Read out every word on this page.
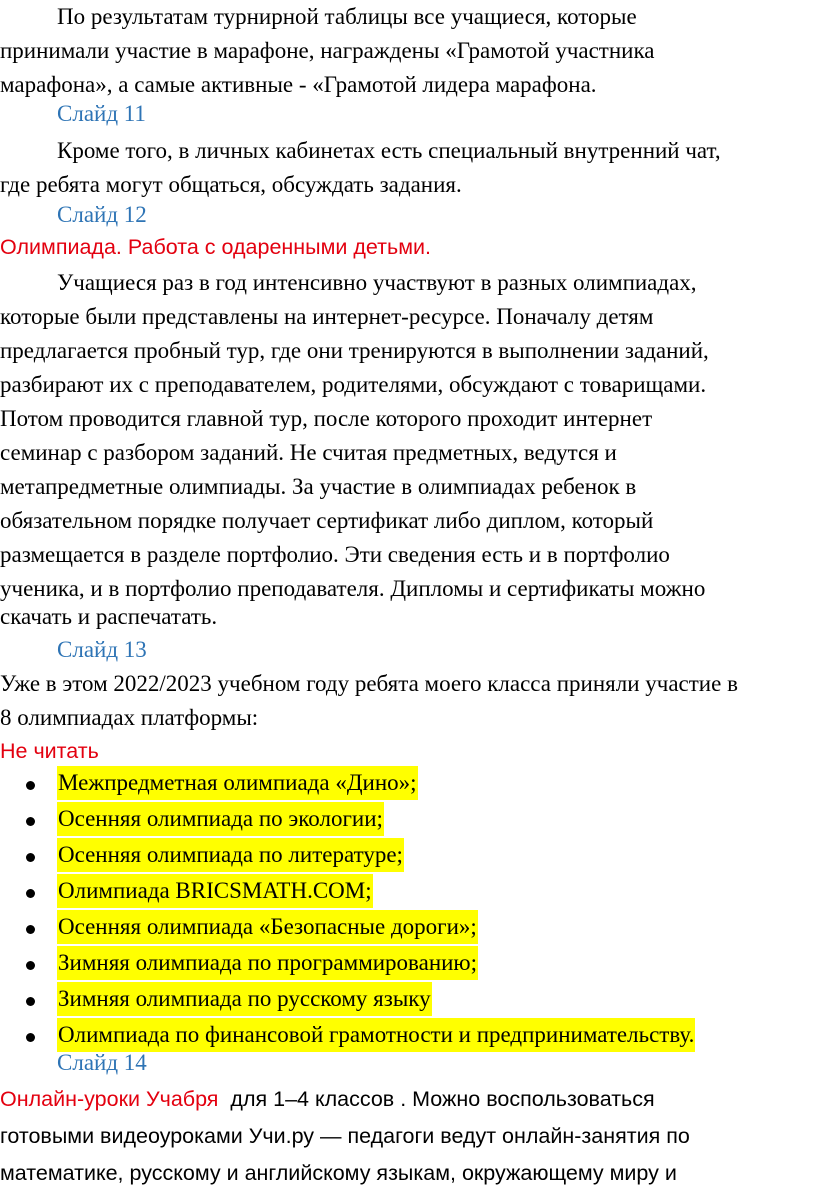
По результатам турнирной таблицы все учащиеся, которые

принимали участие в марафоне, награждены «Грамотой участника

марафона», а самые активные - «Грамотой лидера марафона.

Слайд 11

Кроме того, в личных кабинетах есть специальный внутренний чат,

где ребята могут общаться, обсуждать задания.

Слайд 12

Олимпиада. Работа с одаренными детьми.

Учащиеся раз в год интенсивно участвуют в разных олимпиадах,

которые были представлены на интернет-ресурсе. Поначалу детям

предлагается пробный тур, где они тренируются в выполнении заданий,

разбирают их с преподавателем, родителями, обсуждают с товарищами.

Потом проводится главной тур, после которого проходит интернет

семинар с разбором заданий. Не считая предметных, ведутся и

метапредметные олимпиады. За участие в олимпиадах ребенок в

обязательном порядке получает сертификат либо диплом, который

размещается в разделе портфолио. Эти сведения есть и в портфолио

ученика, и в портфолио преподавателя. Дипломы и сертификаты можно

скачать и распечатать.

Слайд 13

Уже в этом 2022/2023 учебном году ребята моего класса приняли участие в

8 олимпиадах платформы:

Не читать

Межпредметная олимпиада «Дино»;
Осенняя олимпиада по экологии;
Осенняя олимпиада по литературе;
Олимпиада BRICSMATH.COM;
Осенняя олимпиада «Безопасные дороги»;
Зимняя олимпиада по программированию;
Зимняя олимпиада по русскому языку
Олимпиада по финансовой грамотности и предпринимательству.

Слайд 14

Онлайн-уроки Учабря  для 1–4 классов . Можно воспользоваться

готовыми видеоуроками Учи.ру — педагоги ведут онлайн-занятия по

математике, русскому и английскому языкам, окружающему миру и
